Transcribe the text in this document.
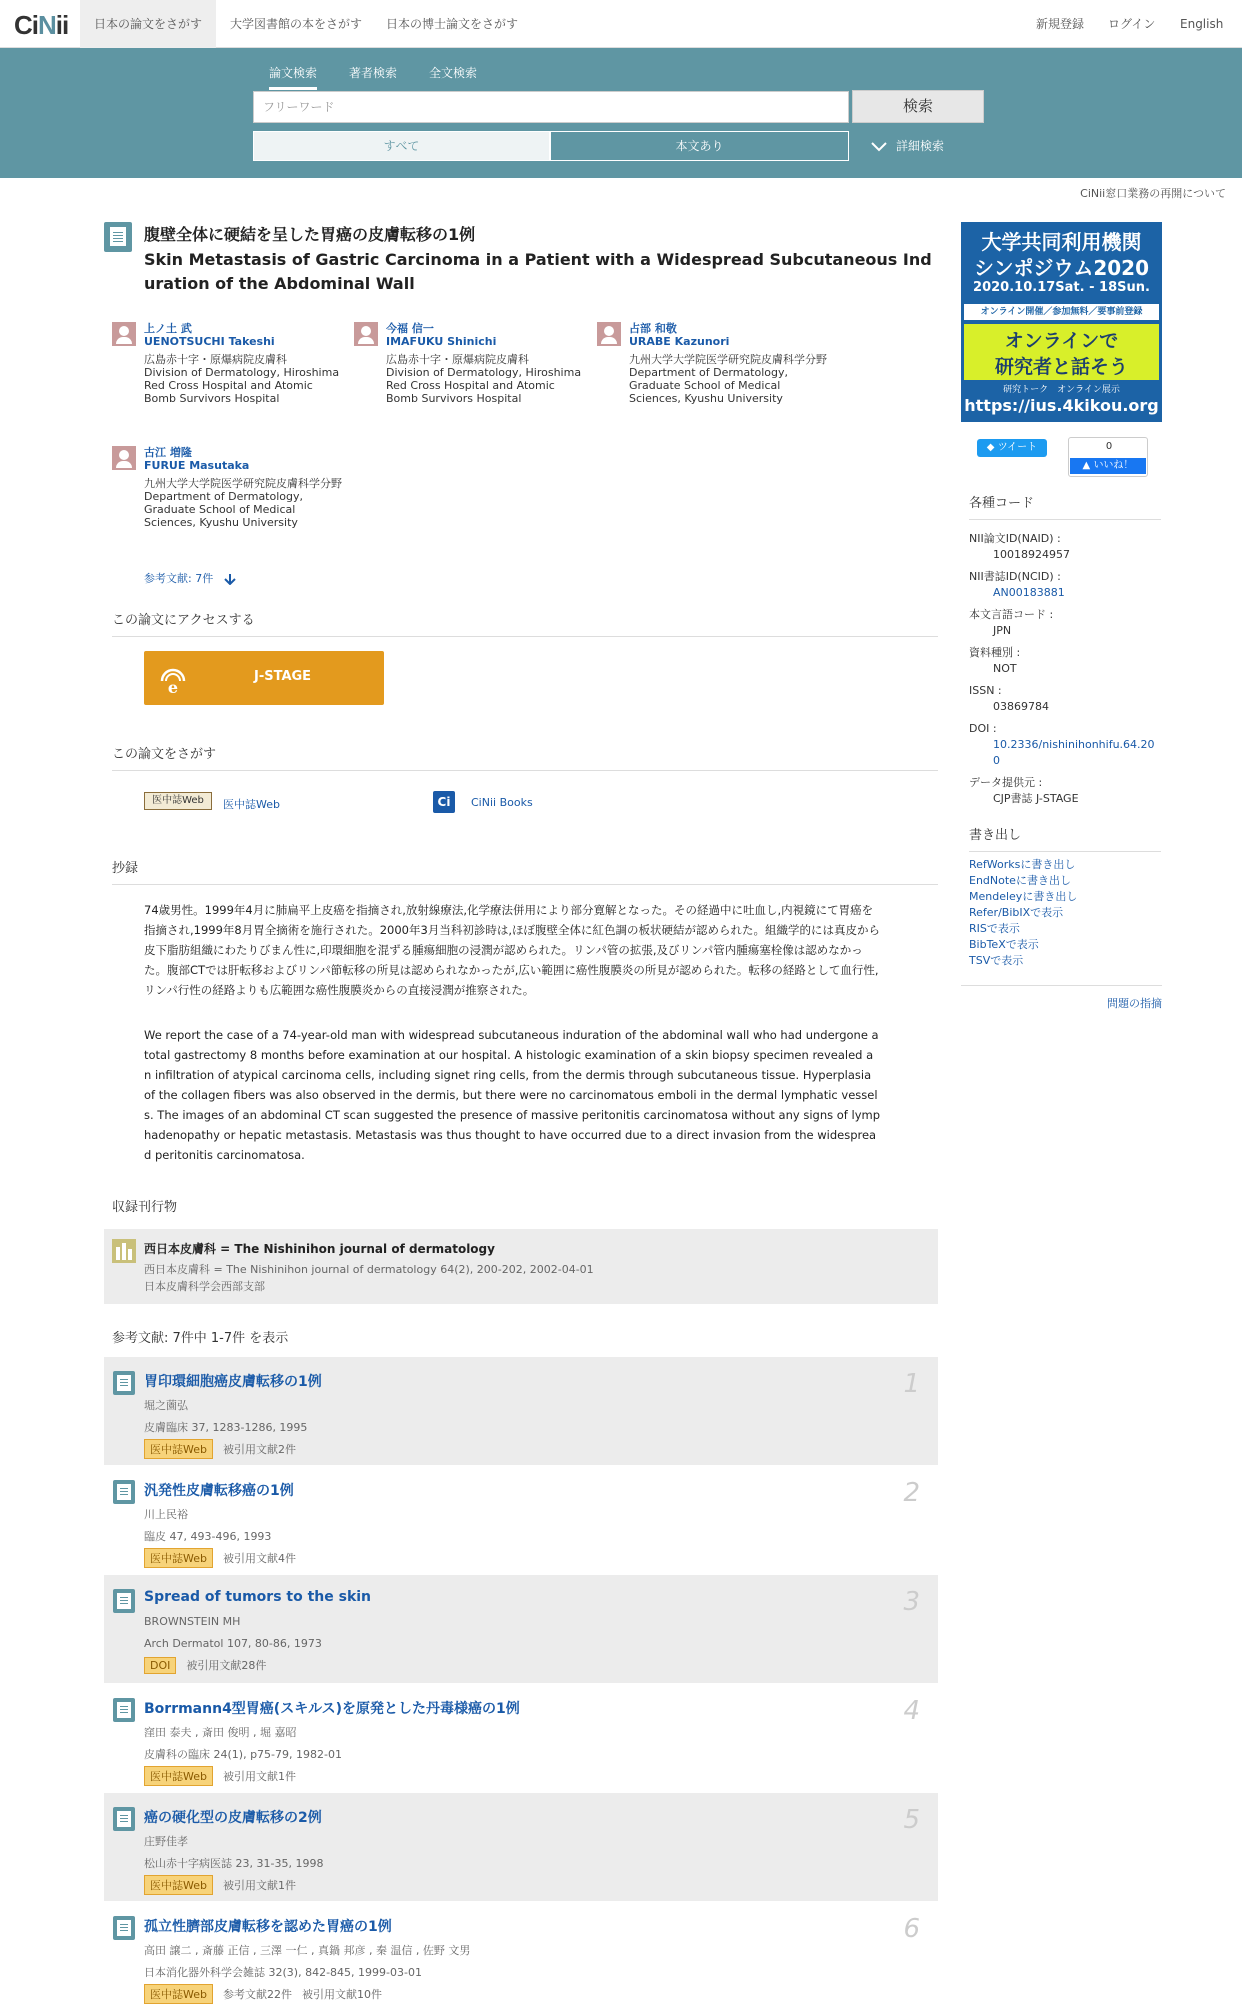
CiNii	日本の論文をさがす	大学図書館の本をさがす	日本の博士論文をさがす	新規登録 ログイン English
論文検索	著者検索	全文検索
フリーワード	検索
すべて	本文あり	詳細検索
CiNii窓口業務の再開について
腹壁全体に硬結を呈した胃癌の皮膚転移の1例
Skin Metastasis of Gastric Carcinoma in a Patient with a Widespread Subcutaneous Induration of the Abdominal Wall
上ノ土 武
UENOTSUCHI Takeshi
広島赤十字・原爆病院皮膚科
Division of Dermatology, Hiroshima Red Cross Hospital and Atomic Bomb Survivors Hospital
今福 信一
IMAFUKU Shinichi
広島赤十字・原爆病院皮膚科
Division of Dermatology, Hiroshima Red Cross Hospital and Atomic Bomb Survivors Hospital
占部 和敬
URABE Kazunori
九州大学大学院医学研究院皮膚科学分野
Department of Dermatology, Graduate School of Medical Sciences, Kyushu University
古江 増隆
FURUE Masutaka
九州大学大学院医学研究院皮膚科学分野
Department of Dermatology, Graduate School of Medical Sciences, Kyushu University
参考文献: 7件
この論文にアクセスする
e
J-STAGE
この論文をさがす
医中誌Web	医中誌Web	Ci	CiNii Books
抄録
74歳男性。1999年4月に肺扁平上皮癌を指摘され,放射線療法,化学療法併用により部分寛解となった。その経過中に吐血し,内視鏡にて胃癌を指摘され,1999年8月胃全摘術を施行された。2000年3月当科初診時は,ほぼ腹壁全体に紅色調の板状硬結が認められた。組織学的には真皮から皮下脂肪組織にわたりびまん性に,印環細胞を混ずる腫瘍細胞の浸潤が認められた。リンパ管の拡張,及びリンパ管内腫瘍塞栓像は認めなかった。腹部CTでは肝転移およびリンパ節転移の所見は認められなかったが,広い範囲に癌性腹膜炎の所見が認められた。転移の経路として血行性,リンパ行性の経路よりも広範囲な癌性腹膜炎からの直接浸潤が推察された。
We report the case of a 74-year-old man with widespread subcutaneous induration of the abdominal wall who had undergone a total gastrectomy 8 months before examination at our hospital. A histologic examination of a skin biopsy specimen revealed an infiltration of atypical carcinoma cells, including signet ring cells, from the dermis through subcutaneous tissue. Hyperplasia of the collagen fibers was also observed in the dermis, but there were no carcinomatous emboli in the dermal lymphatic vessels. The images of an abdominal CT scan suggested the presence of massive peritonitis carcinomatosa without any signs of lymphadenopathy or hepatic metastasis. Metastasis was thus thought to have occurred due to a direct invasion from the widespread peritonitis carcinomatosa.
収録刊行物
西日本皮膚科 = The Nishinihon journal of dermatology
西日本皮膚科 = The Nishinihon journal of dermatology 64(2), 200-202, 2002-04-01
日本皮膚科学会西部支部
参考文献: 7件中 1-7件 を表示
胃印環細胞癌皮膚転移の1例
堀之薗弘
皮膚臨床 37, 1283-1286, 1995
医中誌Web 被引用文献2件
1
汎発性皮膚転移癌の1例
川上民裕
臨皮 47, 493-496, 1993
医中誌Web 被引用文献4件
2
Spread of tumors to the skin
BROWNSTEIN MH
Arch Dermatol 107, 80-86, 1973
DOI 被引用文献28件
3
Borrmann4型胃癌(スキルス)を原発とした丹毒様癌の1例
窪田 泰夫 , 斎田 俊明 , 堀 嘉昭
皮膚科の臨床 24(1), p75-79, 1982-01
医中誌Web 被引用文献1件
4
癌の硬化型の皮膚転移の2例
庄野佳孝
松山赤十字病医誌 23, 31-35, 1998
医中誌Web 被引用文献1件
5
孤立性臍部皮膚転移を認めた胃癌の1例
高田 譲二 , 斎藤 正信 , 三澤 一仁 , 真鍋 邦彦 , 秦 温信 , 佐野 文男
日本消化器外科学会雑誌 32(3), 842-845, 1999-03-01
医中誌Web 参考文献22件 被引用文献10件
6
大学共同利用機関
シンポジウム2020
2020.10.17Sat. - 18Sun.
オンライン開催／参加無料／要事前登録
オンラインで
研究者と話そう
研究トーク　オンライン展示
https://ius.4kikou.org
◆ ツイート	0
▲ いいね！
各種コード
NII論文ID(NAID) :
10018924957
NII書誌ID(NCID) :
AN00183881
本文言語コード :
JPN
資料種別 :
NOT
ISSN :
03869784
DOI :
10.2336/nishinihonhifu.64.200
データ提供元 :
CJP書誌 J-STAGE
書き出し
RefWorksに書き出し
EndNoteに書き出し
Mendeleyに書き出し
Refer/BibIXで表示
RISで表示
BibTeXで表示
TSVで表示
問題の指摘
